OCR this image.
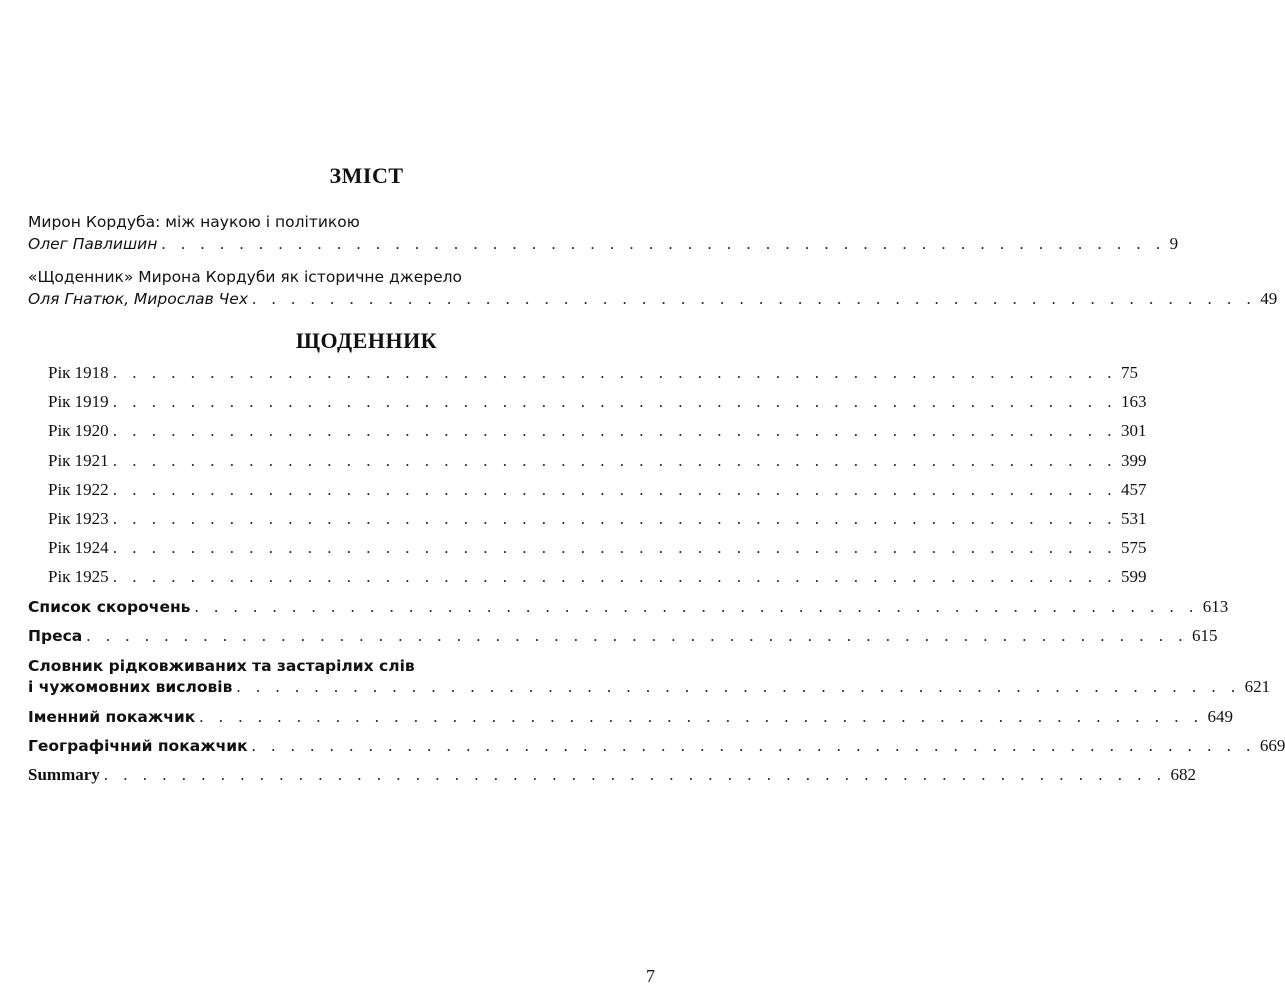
ЗМІСТ
Мирон Кордуба: між наукою і політикою
Олег Павлишин . . . . . . . . . . . . . . . . . . . . . . . . . . . . . . . . . . . . . . . . . . . . . . . . . . . . 9
«Щоденник» Мирона Кордуби як історичне джерело
Оля Гнатюк, Мирослав Чех . . . . . . . . . . . . . . . . . . . . . . . . . . . . . . . . . . . . . . . . . . . . . . . . . . . . 49
ЩОДЕННИК
Рік 1918 . . . . . . . . . . . . . . . . . . . . . . . . . . . . . . . . . . . . . . . . . . . . . . . . . . . . 75
Рік 1919 . . . . . . . . . . . . . . . . . . . . . . . . . . . . . . . . . . . . . . . . . . . . . . . . . . . . 163
Рік 1920 . . . . . . . . . . . . . . . . . . . . . . . . . . . . . . . . . . . . . . . . . . . . . . . . . . . . 301
Рік 1921 . . . . . . . . . . . . . . . . . . . . . . . . . . . . . . . . . . . . . . . . . . . . . . . . . . . . 399
Рік 1922 . . . . . . . . . . . . . . . . . . . . . . . . . . . . . . . . . . . . . . . . . . . . . . . . . . . . 457
Рік 1923 . . . . . . . . . . . . . . . . . . . . . . . . . . . . . . . . . . . . . . . . . . . . . . . . . . . . 531
Рік 1924 . . . . . . . . . . . . . . . . . . . . . . . . . . . . . . . . . . . . . . . . . . . . . . . . . . . . 575
Рік 1925 . . . . . . . . . . . . . . . . . . . . . . . . . . . . . . . . . . . . . . . . . . . . . . . . . . . . 599
Список скорочень . . . . . . . . . . . . . . . . . . . . . . . . . . . . . . . . . . . . . . . . . . . . . . . . . . . . 613
Преса . . . . . . . . . . . . . . . . . . . . . . . . . . . . . . . . . . . . . . . . . . . . . . . . . . . . . . . . . 615
Словник рідковживаних та застарілих слів
і чужомовних висловів . . . . . . . . . . . . . . . . . . . . . . . . . . . . . . . . . . . . . . . . . . . . . . . . . . . . 621
Іменний покажчик . . . . . . . . . . . . . . . . . . . . . . . . . . . . . . . . . . . . . . . . . . . . . . . . . . . . 649
Географічний покажчик . . . . . . . . . . . . . . . . . . . . . . . . . . . . . . . . . . . . . . . . . . . . . . . . . . . . 669
Summary . . . . . . . . . . . . . . . . . . . . . . . . . . . . . . . . . . . . . . . . . . . . . . . . . . . . . . . 682
7
